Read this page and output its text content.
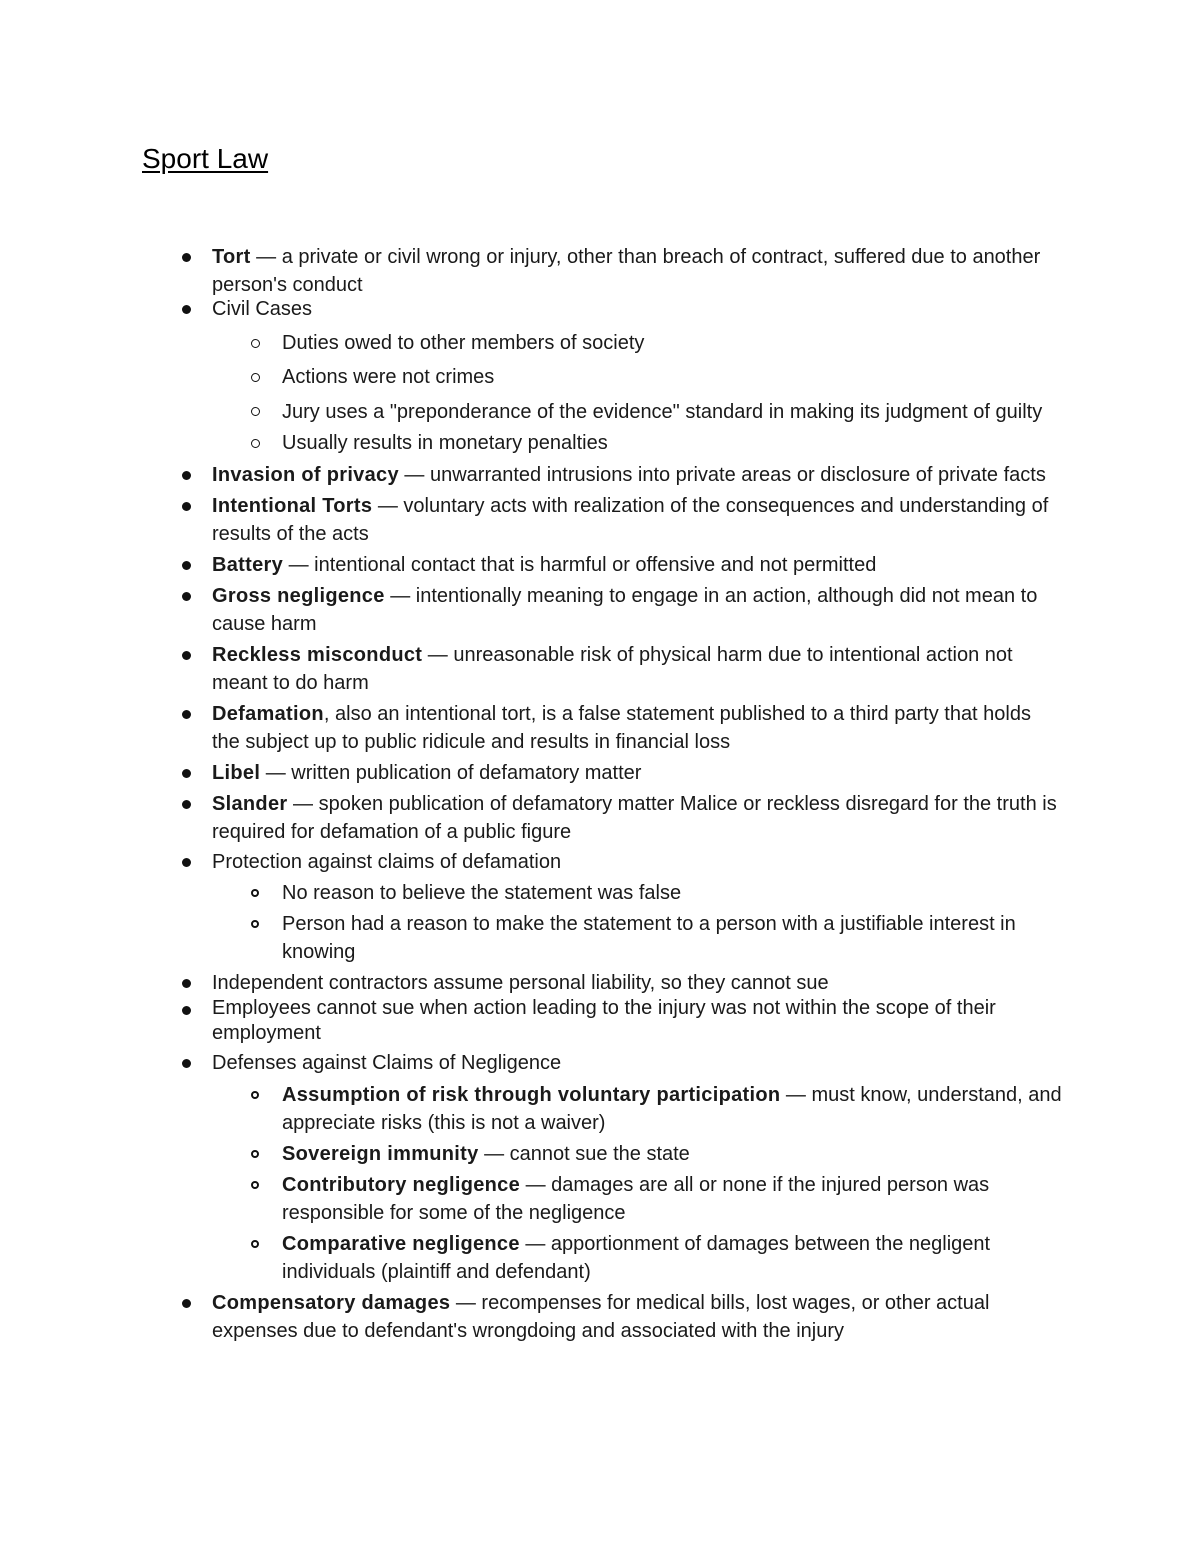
Sport Law
Tort — a private or civil wrong or injury, other than breach of contract, suffered due to another person's conduct
Civil Cases
Duties owed to other members of society
Actions were not crimes
Jury uses a "preponderance of the evidence" standard in making its judgment of guilty
Usually results in monetary penalties
Invasion of privacy — unwarranted intrusions into private areas or disclosure of private facts
Intentional Torts — voluntary acts with realization of the consequences and understanding of results of the acts
Battery — intentional contact that is harmful or offensive and not permitted
Gross negligence — intentionally meaning to engage in an action, although did not mean to cause harm
Reckless misconduct — unreasonable risk of physical harm due to intentional action not meant to do harm
Defamation, also an intentional tort, is a false statement published to a third party that holds the subject up to public ridicule and results in financial loss
Libel — written publication of defamatory matter
Slander — spoken publication of defamatory matter Malice or reckless disregard for the truth is required for defamation of a public figure
Protection against claims of defamation
No reason to believe the statement was false
Person had a reason to make the statement to a person with a justifiable interest in knowing
Independent contractors assume personal liability, so they cannot sue
Employees cannot sue when action leading to the injury was not within the scope of their employment
Defenses against Claims of Negligence
Assumption of risk through voluntary participation — must know, understand, and appreciate risks (this is not a waiver)
Sovereign immunity — cannot sue the state
Contributory negligence — damages are all or none if the injured person was responsible for some of the negligence
Comparative negligence — apportionment of damages between the negligent individuals (plaintiff and defendant)
Compensatory damages — recompenses for medical bills, lost wages, or other actual expenses due to defendant's wrongdoing and associated with the injury
